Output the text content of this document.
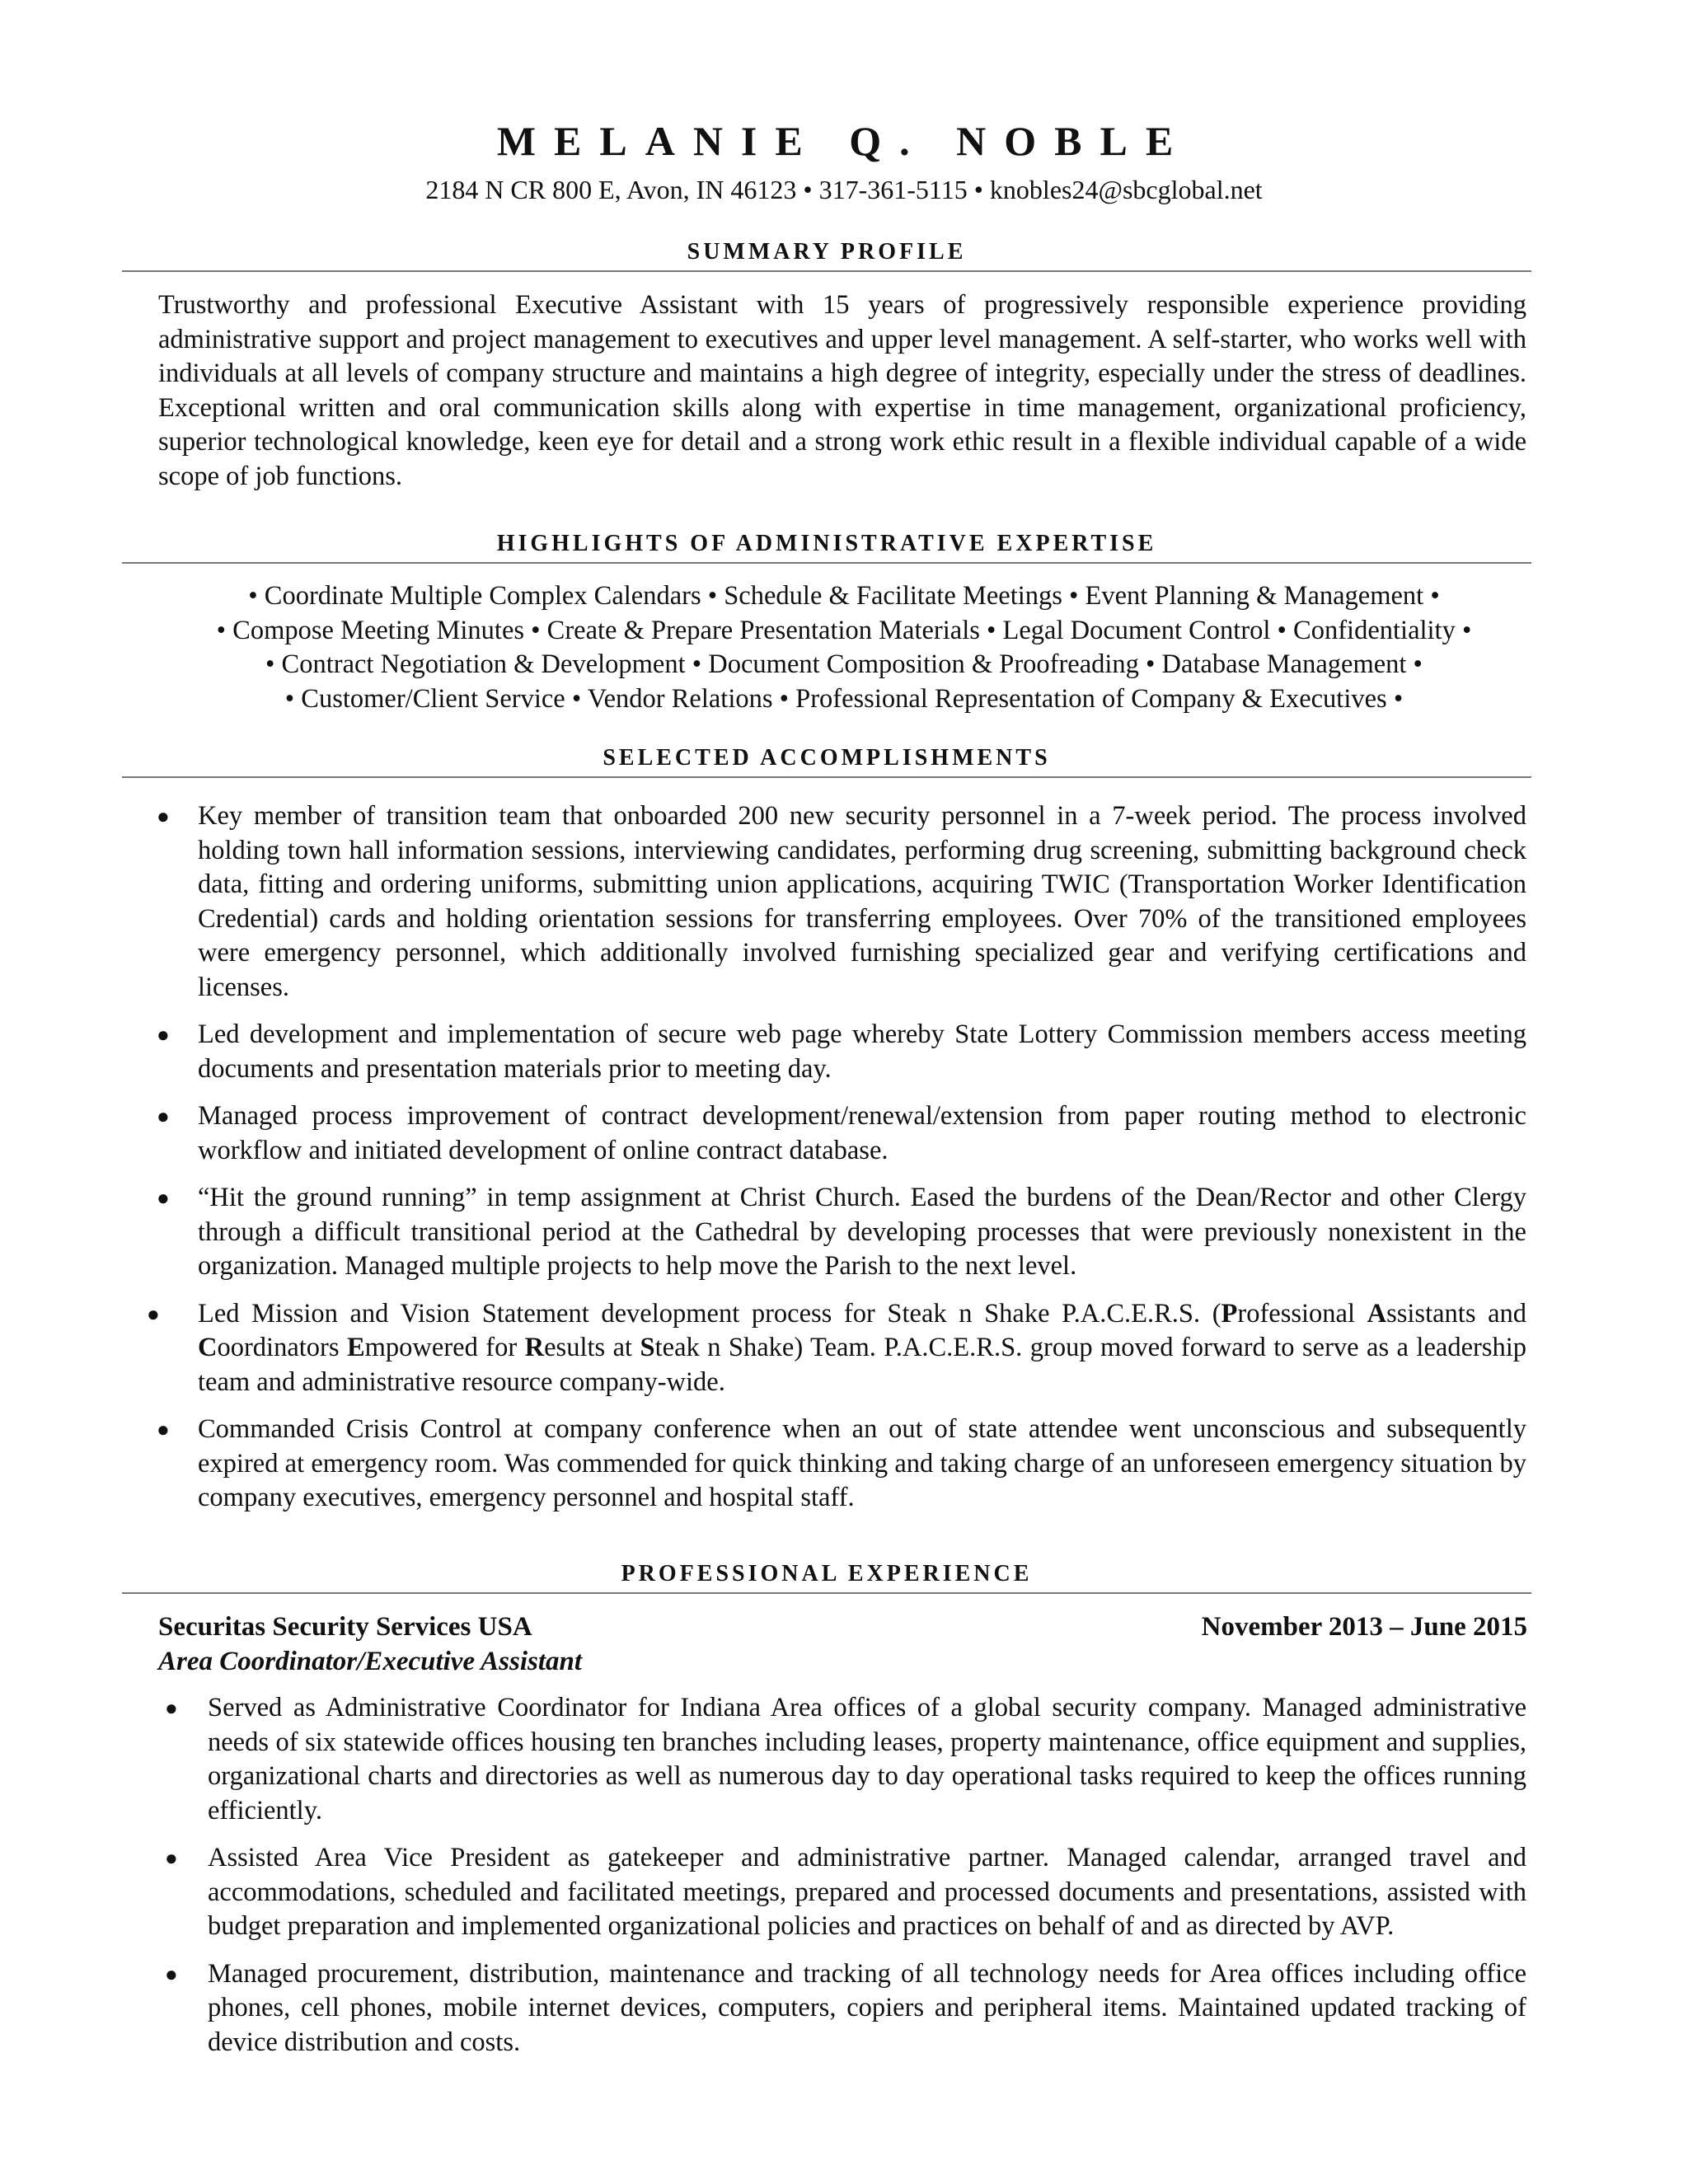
MELANIE Q. NOBLE
2184 N CR 800 E, Avon, IN 46123 • 317-361-5115 • knobles24@sbcglobal.net
SUMMARY PROFILE
Trustworthy and professional Executive Assistant with 15 years of progressively responsible experience providing administrative support and project management to executives and upper level management. A self-starter, who works well with individuals at all levels of company structure and maintains a high degree of integrity, especially under the stress of deadlines. Exceptional written and oral communication skills along with expertise in time management, organizational proficiency, superior technological knowledge, keen eye for detail and a strong work ethic result in a flexible individual capable of a wide scope of job functions.
HIGHLIGHTS OF ADMINISTRATIVE EXPERTISE
• Coordinate Multiple Complex Calendars • Schedule & Facilitate Meetings • Event Planning & Management •
• Compose Meeting Minutes • Create & Prepare Presentation Materials • Legal Document Control • Confidentiality •
• Contract Negotiation & Development • Document Composition & Proofreading • Database Management •
• Customer/Client Service • Vendor Relations • Professional Representation of Company & Executives •
SELECTED ACCOMPLISHMENTS
● Key member of transition team that onboarded 200 new security personnel in a 7-week period. The process involved holding town hall information sessions, interviewing candidates, performing drug screening, submitting background check data, fitting and ordering uniforms, submitting union applications, acquiring TWIC (Transportation Worker Identification Credential) cards and holding orientation sessions for transferring employees. Over 70% of the transitioned employees were emergency personnel, which additionally involved furnishing specialized gear and verifying certifications and licenses.
● Led development and implementation of secure web page whereby State Lottery Commission members access meeting documents and presentation materials prior to meeting day.
● Managed process improvement of contract development/renewal/extension from paper routing method to electronic workflow and initiated development of online contract database.
● “Hit the ground running” in temp assignment at Christ Church. Eased the burdens of the Dean/Rector and other Clergy through a difficult transitional period at the Cathedral by developing processes that were previously nonexistent in the organization. Managed multiple projects to help move the Parish to the next level.
● Led Mission and Vision Statement development process for Steak n Shake P.A.C.E.R.S. (Professional Assistants and Coordinators Empowered for Results at Steak n Shake) Team. P.A.C.E.R.S. group moved forward to serve as a leadership team and administrative resource company-wide.
● Commanded Crisis Control at company conference when an out of state attendee went unconscious and subsequently expired at emergency room. Was commended for quick thinking and taking charge of an unforeseen emergency situation by company executives, emergency personnel and hospital staff.
PROFESSIONAL EXPERIENCE
Securitas Security Services USA	November 2013 – June 2015
Area Coordinator/Executive Assistant
● Served as Administrative Coordinator for Indiana Area offices of a global security company. Managed administrative needs of six statewide offices housing ten branches including leases, property maintenance, office equipment and supplies, organizational charts and directories as well as numerous day to day operational tasks required to keep the offices running efficiently.
● Assisted Area Vice President as gatekeeper and administrative partner. Managed calendar, arranged travel and accommodations, scheduled and facilitated meetings, prepared and processed documents and presentations, assisted with budget preparation and implemented organizational policies and practices on behalf of and as directed by AVP.
● Managed procurement, distribution, maintenance and tracking of all technology needs for Area offices including office phones, cell phones, mobile internet devices, computers, copiers and peripheral items. Maintained updated tracking of device distribution and costs.
